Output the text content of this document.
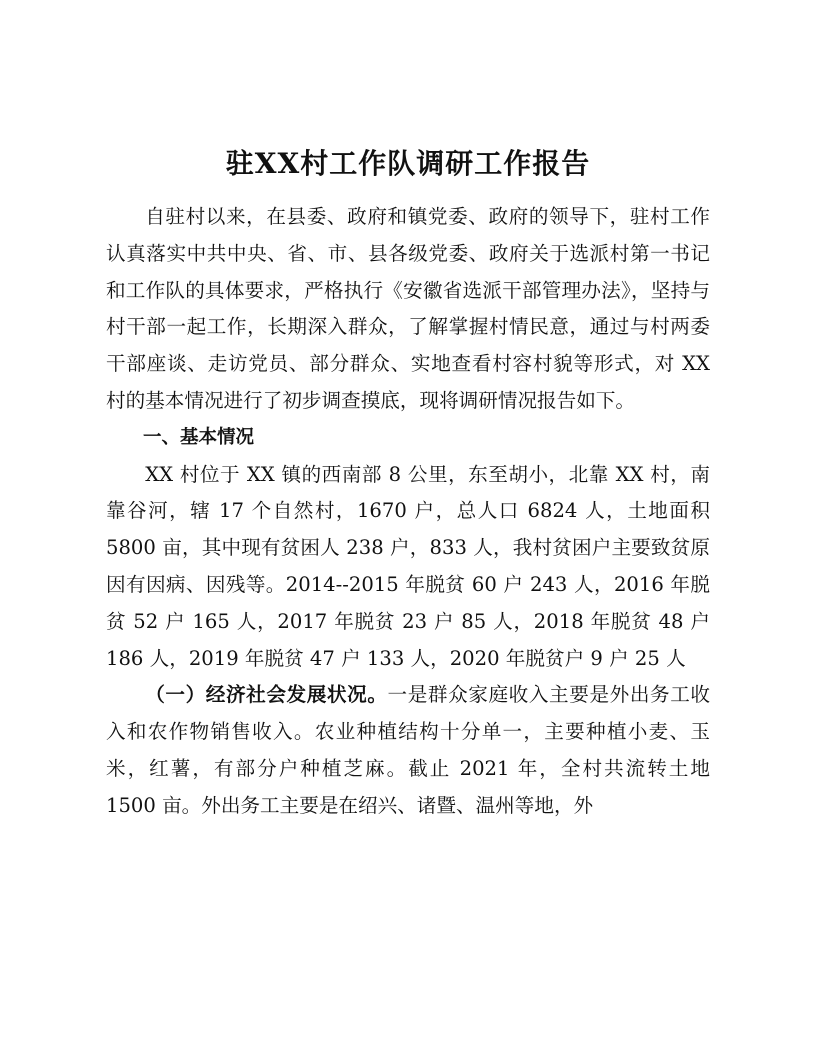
驻XX村工作队调研工作报告

自驻村以来，在县委、政府和镇党委、政府的领导下，驻村工作认真落实中共中央、省、市、县各级党委、政府关于选派村第一书记和工作队的具体要求，严格执行《安徽省选派干部管理办法》，坚持与村干部一起工作，长期深入群众，了解掌握村情民意，通过与村两委干部座谈、走访党员、部分群众、实地查看村容村貌等形式，对 XX 村的基本情况进行了初步调查摸底，现将调研情况报告如下。

一、基本情况

XX 村位于 XX 镇的西南部 8 公里，东至胡小，北靠 XX 村，南靠谷河，辖 17 个自然村，1670 户，总人口 6824 人，土地面积 5800 亩，其中现有贫困人 238 户，833 人，我村贫困户主要致贫原因有因病、因残等。2014--2015 年脱贫 60 户 243 人，2016 年脱贫 52 户 165 人，2017 年脱贫 23 户 85 人，2018 年脱贫 48 户 186 人，2019 年脱贫 47 户 133 人，2020 年脱贫户 9 户 25 人

（一）经济社会发展状况。一是群众家庭收入主要是外出务工收入和农作物销售收入。农业种植结构十分单一，主要种植小麦、玉米，红薯，有部分户种植芝麻。截止 2021 年，全村共流转土地 1500 亩。外出务工主要是在绍兴、诸暨、温州等地，外
